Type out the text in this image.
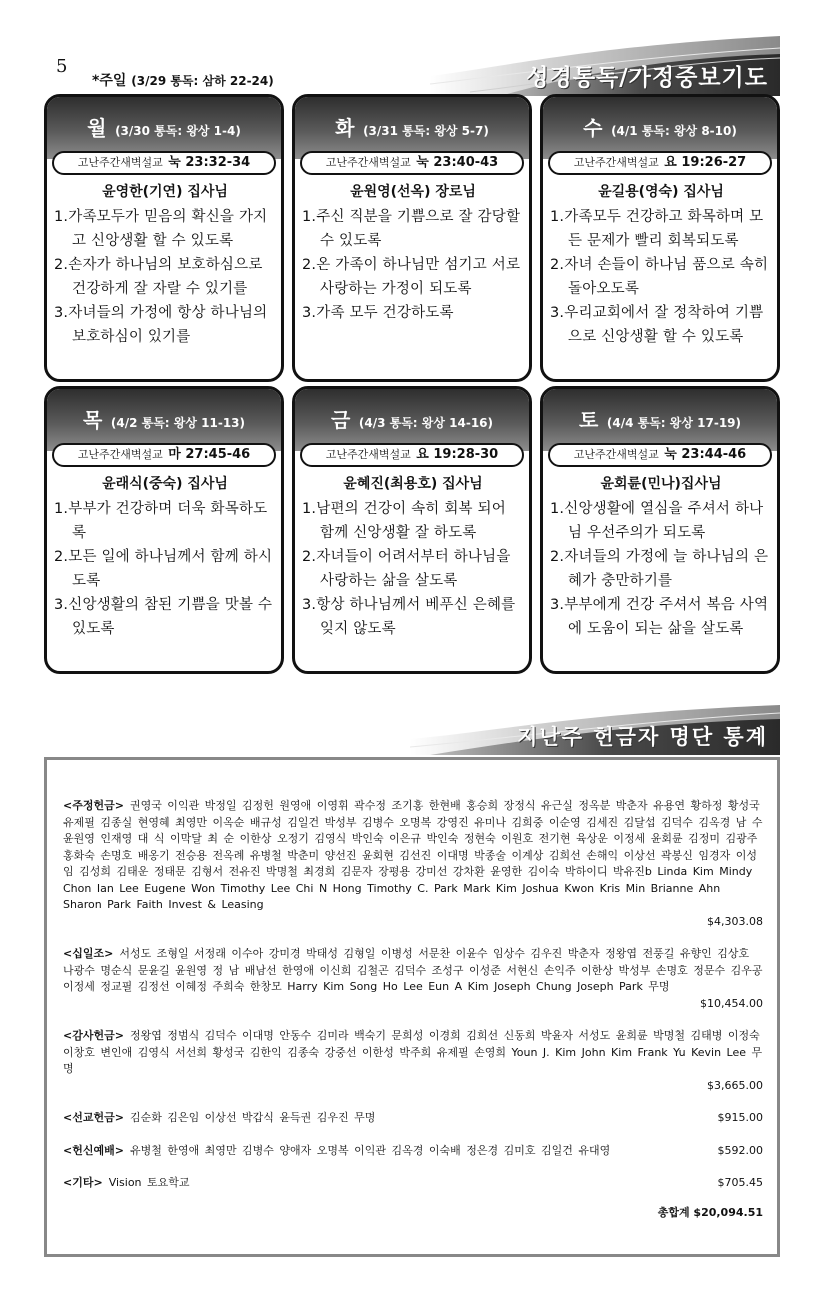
5
*주일 (3/29 통독: 삼하 22-24)	성경통독/가정중보기도
월 (3/30 통독: 왕상 1-4)
고난주간새벽설교 눅 23:32-34
윤영한(기연) 집사님
1.가족모두가 믿음의 확신을 가지고 신앙생활 할 수 있도록
2.손자가 하나님의 보호하심으로 건강하게 잘 자랄 수 있기를
3.자녀들의 가정에 항상 하나님의 보호하심이 있기를
화 (3/31 통독: 왕상 5-7)
고난주간새벽설교 눅 23:40-43
윤원영(선옥) 장로님
1.주신 직분을 기쁨으로 잘 감당할 수 있도록
2.온 가족이 하나님만 섬기고 서로 사랑하는 가정이 되도록
3.가족 모두 건강하도록
수 (4/1 통독: 왕상 8-10)
고난주간새벽설교 요 19:26-27
윤길용(영숙) 집사님
1.가족모두 건강하고 화목하며 모든 문제가 빨리 회복되도록
2.자녀 손들이 하나님 품으로 속히 돌아오도록
3.우리교회에서 잘 정착하여 기쁨으로 신앙생활 할 수 있도록
목 (4/2 통독: 왕상 11-13)
고난주간새벽설교 마 27:45-46
윤래식(중숙) 집사님
1.부부가 건강하며 더욱 화목하도록
2.모든 일에 하나님께서 함께 하시도록
3.신앙생활의 참된 기쁨을 맛볼 수 있도록
금 (4/3 통독: 왕상 14-16)
고난주간새벽설교 요 19:28-30
윤혜진(최용호) 집사님
1.남편의 건강이 속히 회복 되어 함께 신앙생활 잘 하도록
2.자녀들이 어려서부터 하나님을 사랑하는 삶을 살도록
3.항상 하나님께서 베푸신 은혜를 잊지 않도록
토 (4/4 통독: 왕상 17-19)
고난주간새벽설교 눅 23:44-46
윤회륜(민나)집사님
1.신앙생활에 열심을 주셔서 하나님 우선주의가 되도록
2.자녀들의 가정에 늘 하나님의 은혜가 충만하기를
3.부부에게 건강 주셔서 복음 사역에 도움이 되는 삶을 살도록
지난주 헌금자 명단 통계
<주정헌금> 권영국 이익관 박정일 김정헌 원영애 이영휘 곽수정 조기홍 한현배 홍승희 장정식 유근실 정옥분 박춘자 유용연 황하정 황성국 유제필 김종실 현영혜 최영만 이옥순 배규성 김일건 박성부 김병수 오명복 강영진 유미나 김희중 이순영 김세진 김달섭 김덕수 김옥경 남 수 윤원영 인재영 대 식 이막달 최 순 이한상 오정기 김영식 박인숙 이은규 박인숙 정현숙 이원호 전기현 육상운 이정세 윤회륜 김정미 김광주 홍화숙 손명호 배옹기 전승용 전옥례 유병철 박춘미 양선진 윤회현 김선진 이대명 박종술 이계상 김희선 손해익 이상선 곽봉신 임경자 이성임 김성희 김태운 정태문 김형서 전유진 박명철 최경희 김문자 장평용 강미선 강차환 윤영한 김이숙 박하이디 박유진b Linda Kim Mindy Chon Ian Lee Eugene Won Timothy Lee Chi N Hong Timothy C. Park Mark Kim Joshua Kwon Kris Min Brianne Ahn Sharon Park Faith Invest & Leasing
$4,303.08
<십일조> 서성도 조형일 서정래 이수아 강미경 박태성 김형일 이병성 서문찬 이윤수 임상수 김우진 박춘자 정왕엽 전풍길 유향인 김상호 나광수 명순식 문윤길 윤원영 정 남 배남선 한영애 이신희 김철곤 김덕수 조성구 이성준 서현신 손익주 이한상 박성부 손명호 정문수 김우공 이정세 정교필 김정선 이혜정 주희숙 한창모 Harry Kim Song Ho Lee Eun A Kim Joseph Chung Joseph Park 무명
$10,454.00
<감사헌금> 정왕엽 정범식 김덕수 이대명 안동수 김미라 백숙기 문희성 이경희 김희선 신동희 박윤자 서성도 윤희륜 박명철 김태병 이정숙 이창호 변인애 김영식 서선희 황성국 김한익 김종숙 강중선 이한성 박주희 유제필 손영희 Youn J. Kim John Kim Frank Yu Kevin Lee 무명
$3,665.00
<선교헌금> 김순화 김은임 이상선 박갑식 윤득권 김우진 무명	$915.00
<헌신예배> 유병철 한영애 최영만 김병수 양애자 오명복 이익관 김옥경 이숙배 정은경 김미호 김일건 유대영	$592.00
<기타> Vision 토요학교	$705.45
총합계 $20,094.51
